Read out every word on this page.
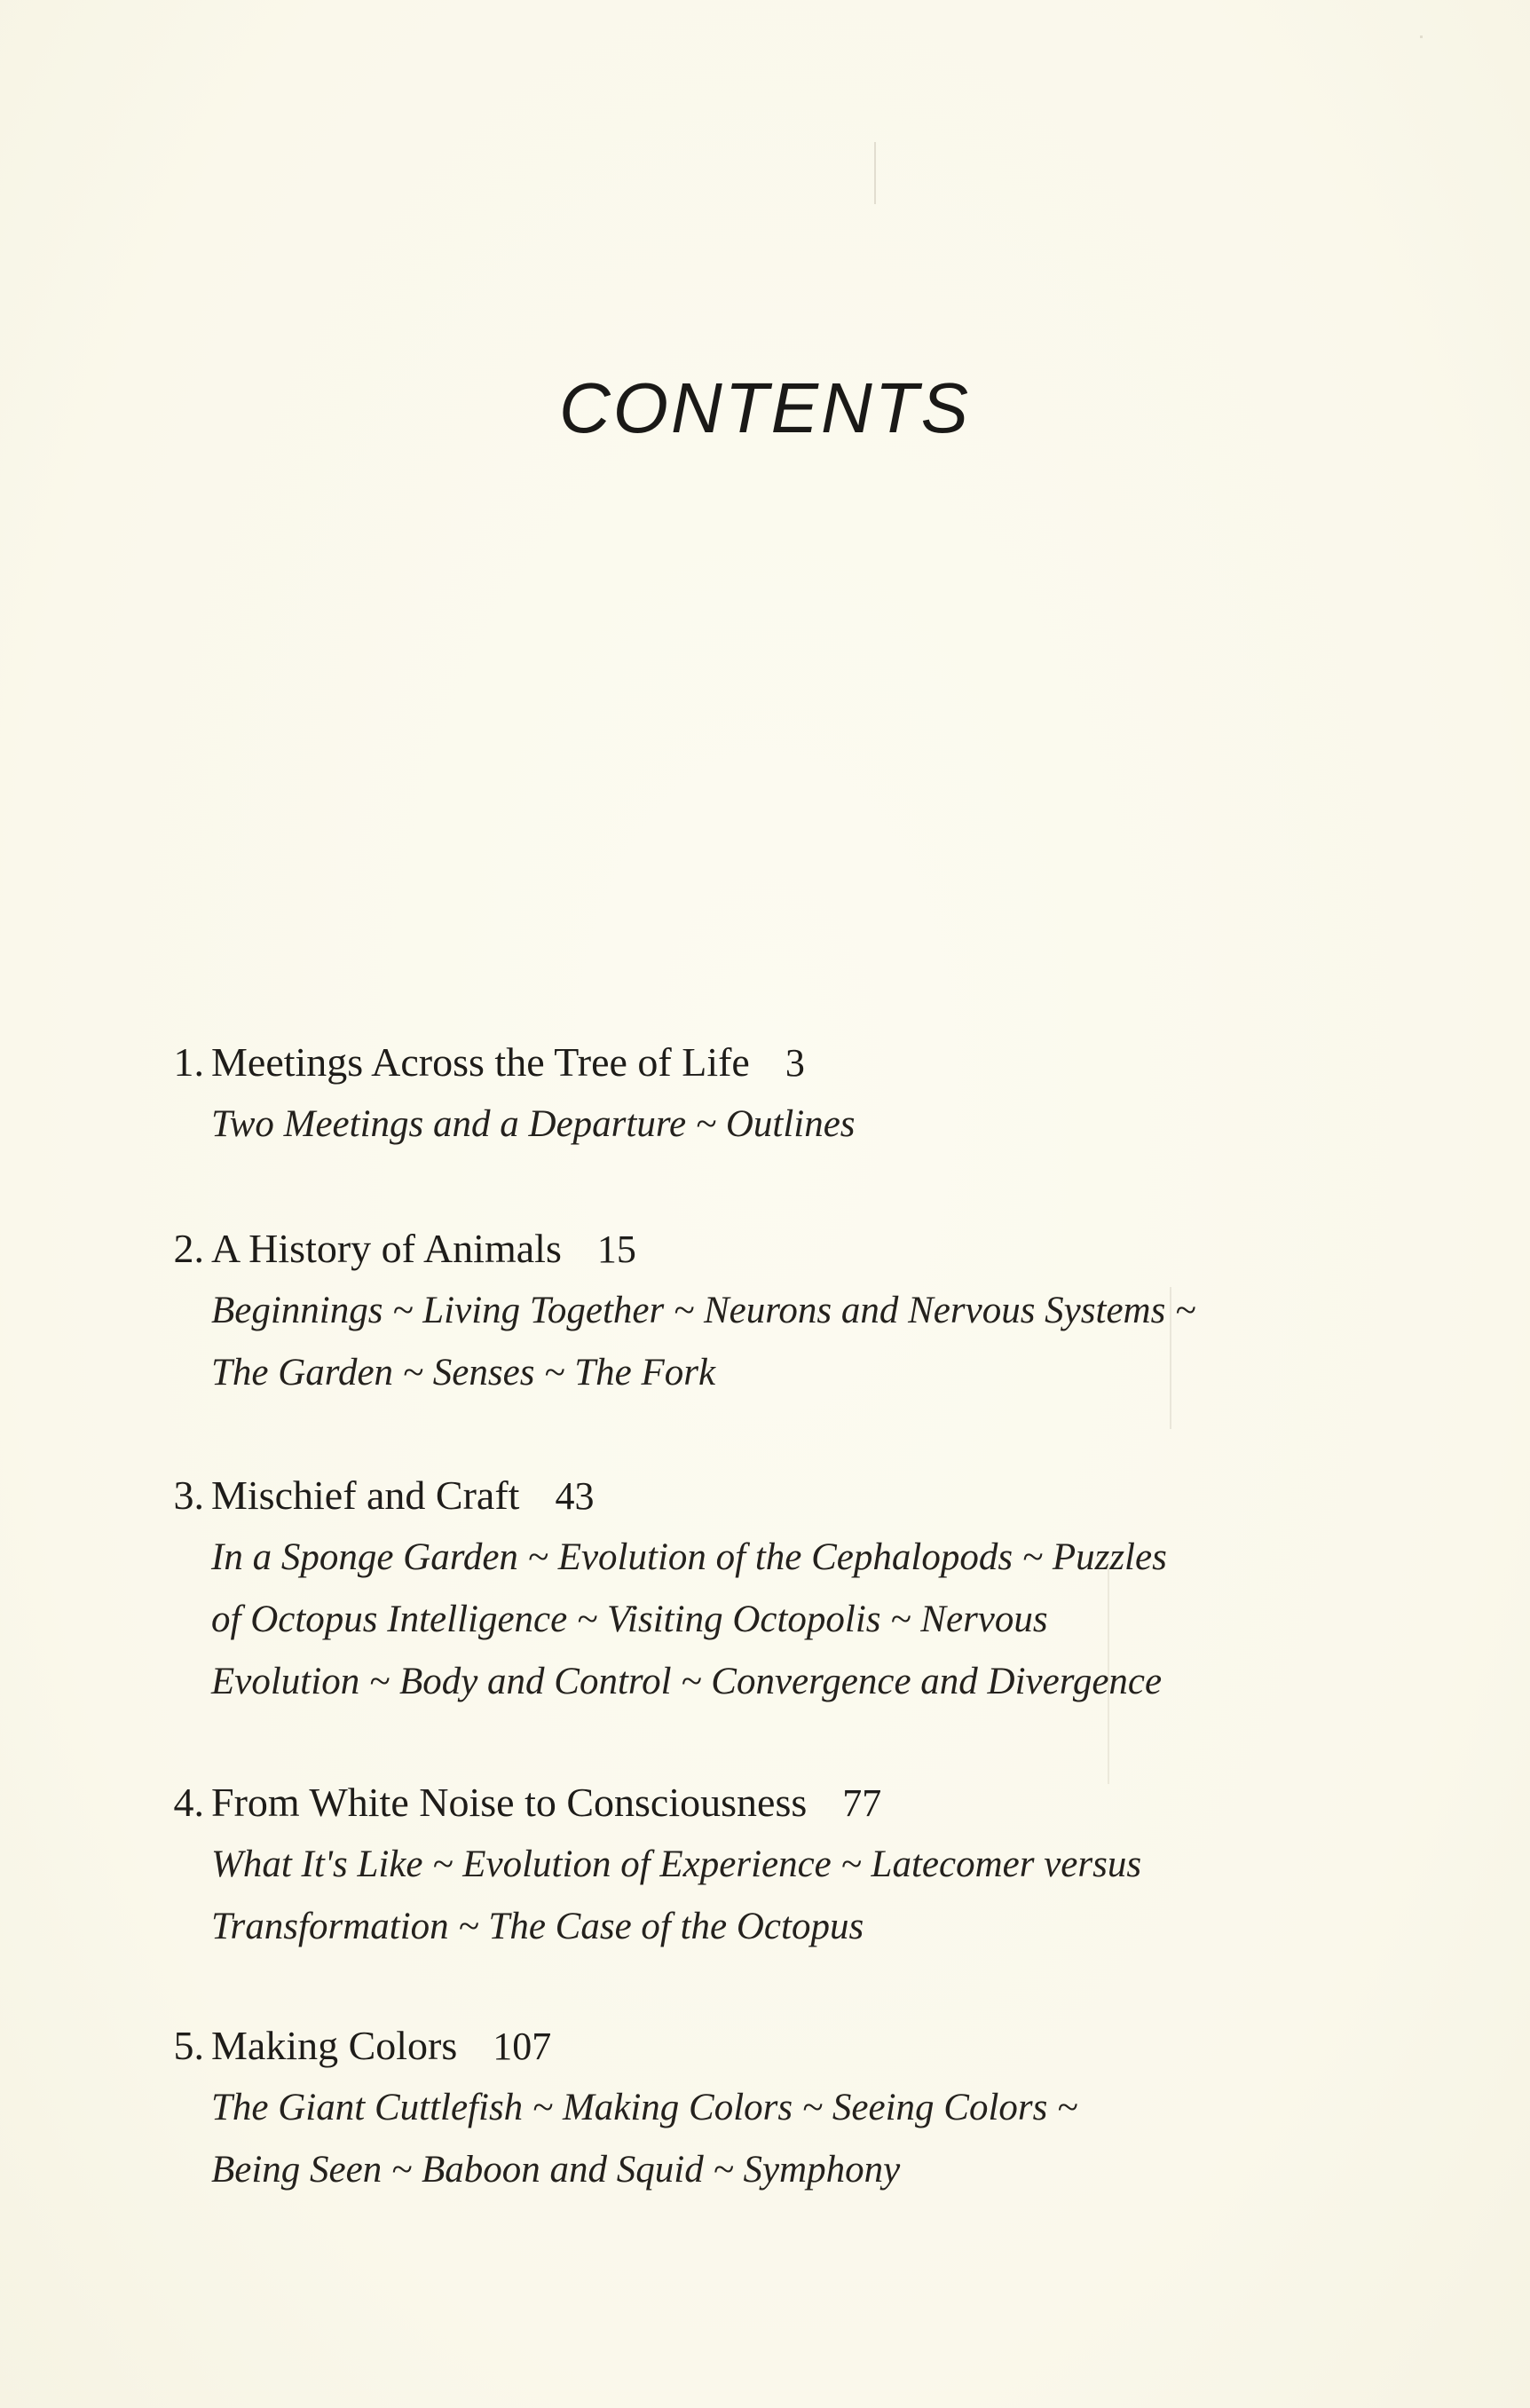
CONTENTS
1. Meetings Across the Tree of Life 3
Two Meetings and a Departure ~ Outlines
2. A History of Animals 15
Beginnings ~ Living Together ~ Neurons and Nervous Systems ~
The Garden ~ Senses ~ The Fork
3. Mischief and Craft 43
In a Sponge Garden ~ Evolution of the Cephalopods ~ Puzzles
of Octopus Intelligence ~ Visiting Octopolis ~ Nervous
Evolution ~ Body and Control ~ Convergence and Divergence
4. From White Noise to Consciousness 77
What It's Like ~ Evolution of Experience ~ Latecomer versus
Transformation ~ The Case of the Octopus
5. Making Colors 107
The Giant Cuttlefish ~ Making Colors ~ Seeing Colors ~
Being Seen ~ Baboon and Squid ~ Symphony
